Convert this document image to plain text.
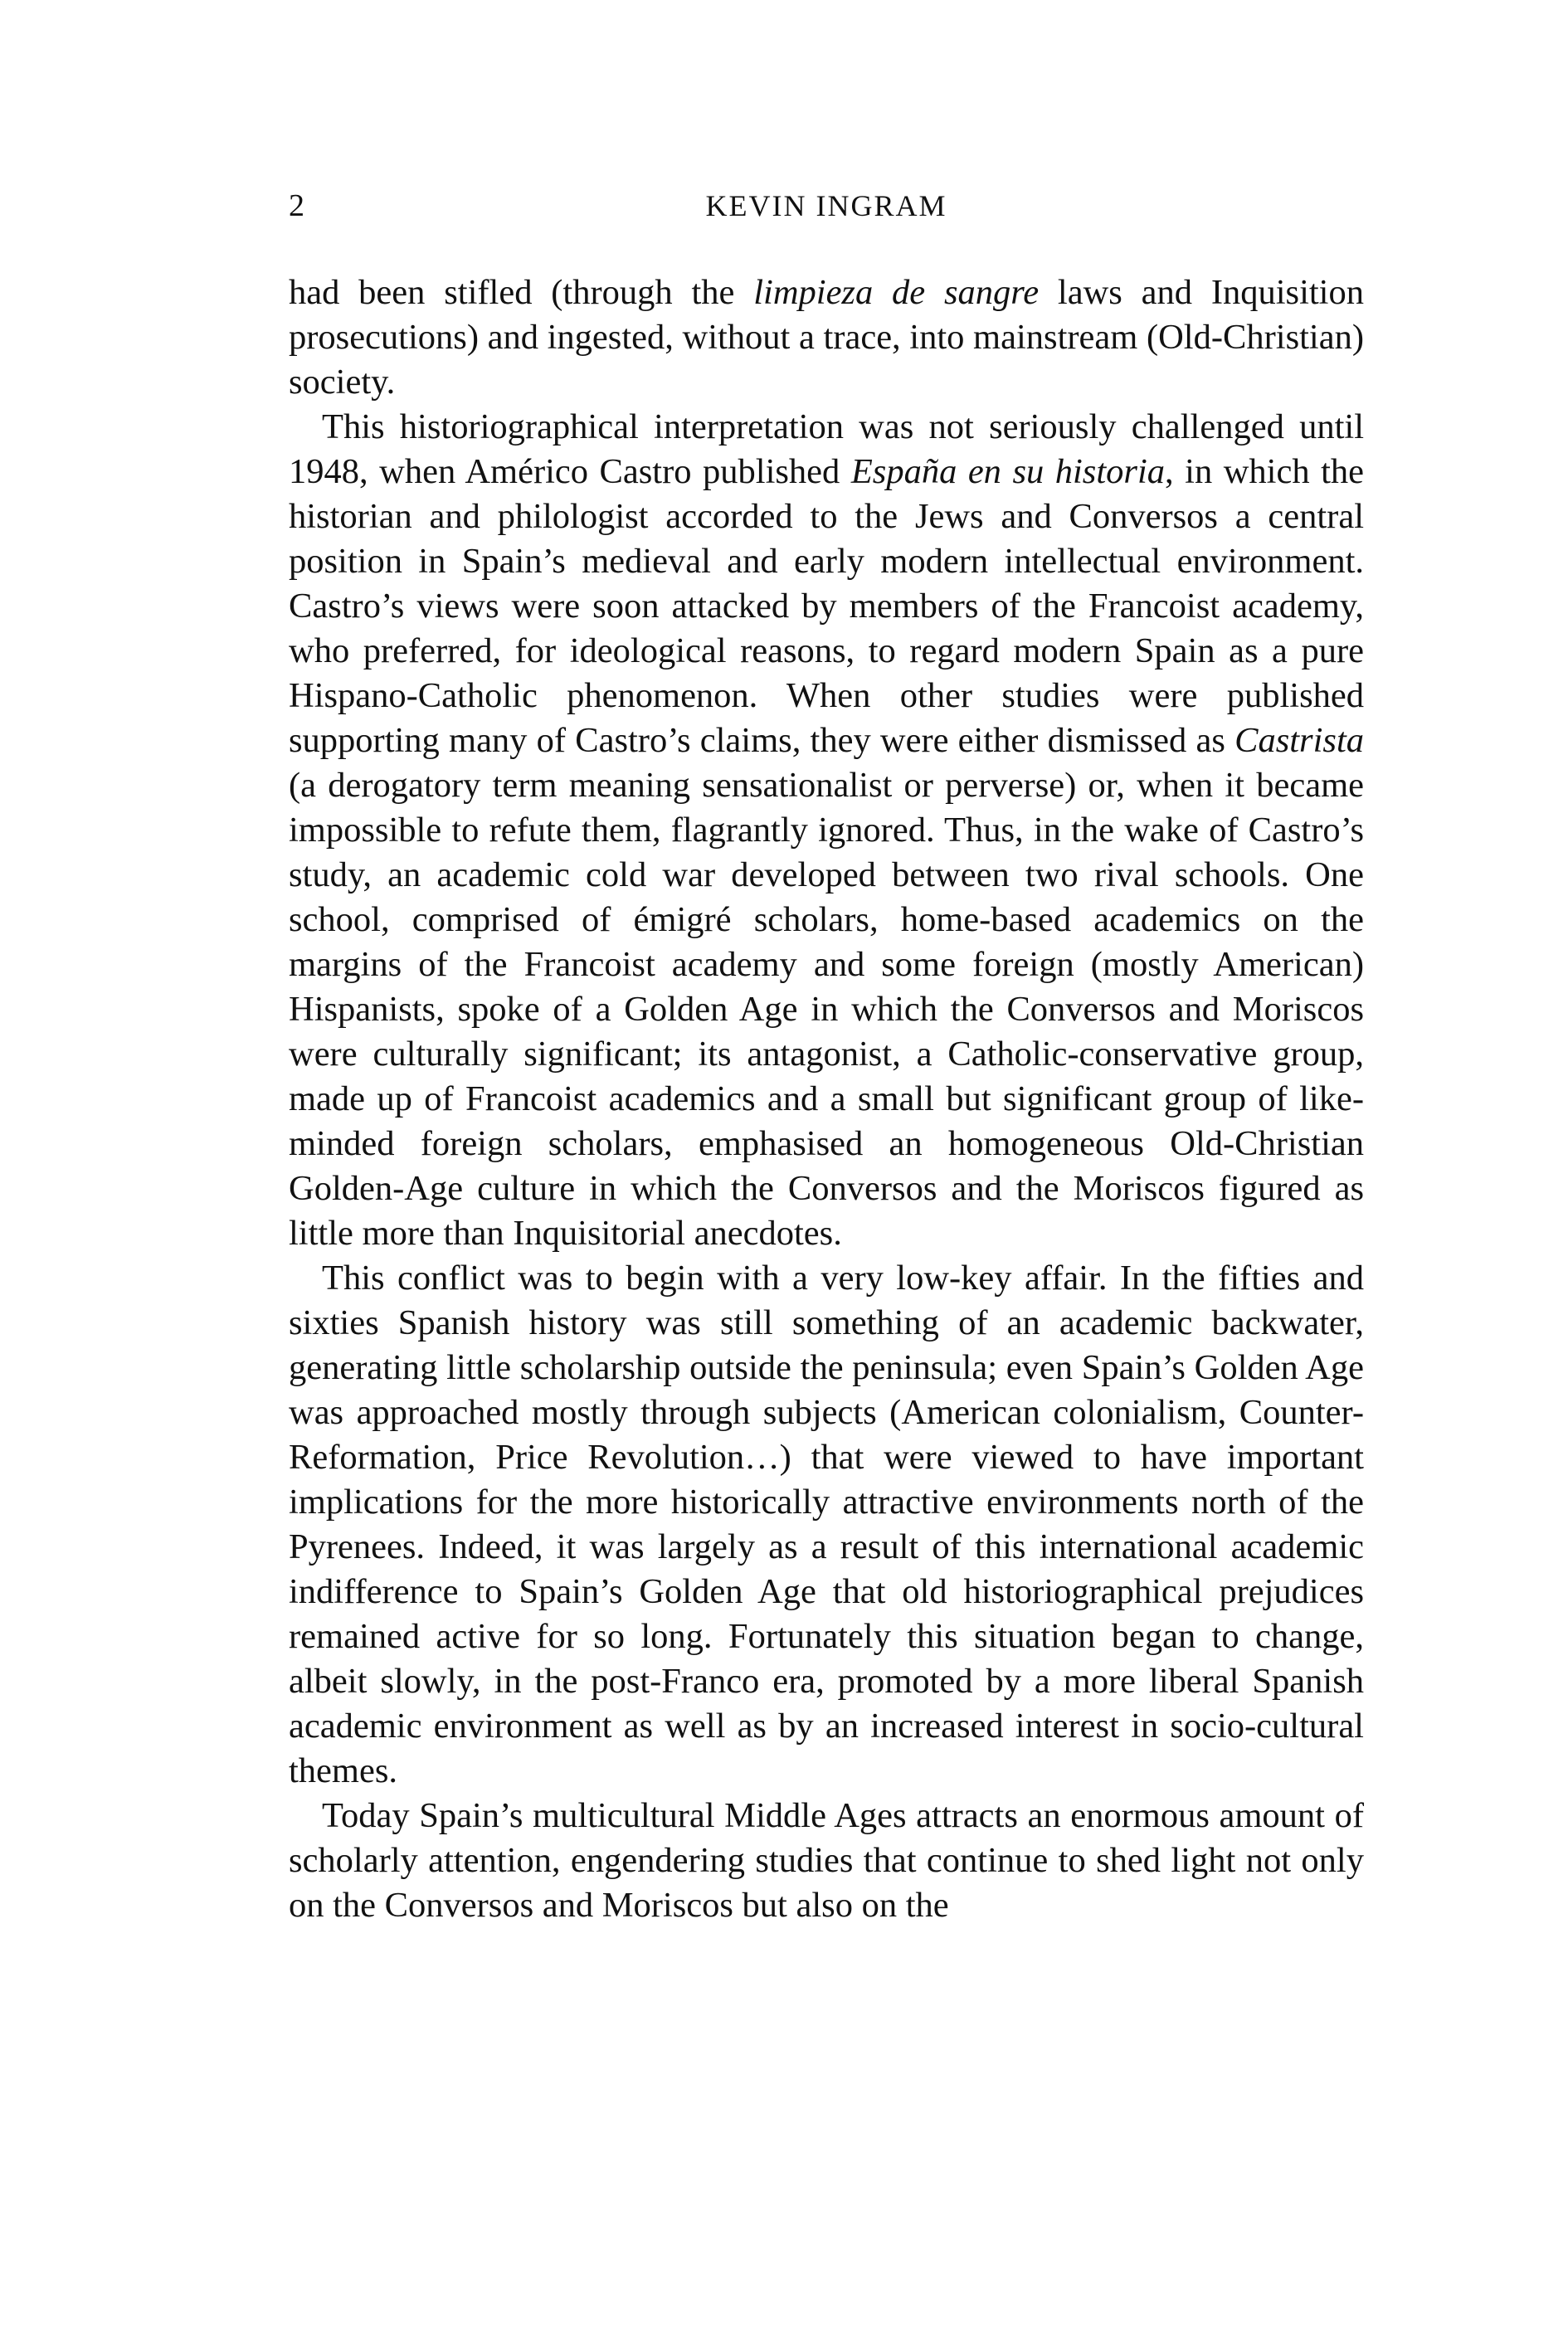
2	KEVIN INGRAM

had been stifled (through the limpieza de sangre laws and Inquisition prosecutions) and ingested, without a trace, into mainstream (Old-Christian) society.

This historiographical interpretation was not seriously challenged until 1948, when Américo Castro published España en su historia, in which the historian and philologist accorded to the Jews and Conversos a central position in Spain’s medieval and early modern intellectual environment. Castro’s views were soon attacked by members of the Francoist academy, who preferred, for ideological reasons, to regard modern Spain as a pure Hispano-Catholic phenomenon. When other studies were published supporting many of Castro’s claims, they were either dismissed as Castrista (a derogatory term meaning sensationalist or perverse) or, when it became impossible to refute them, flagrantly ignored. Thus, in the wake of Castro’s study, an academic cold war developed between two rival schools. One school, comprised of émigré scholars, home-based academics on the margins of the Francoist academy and some foreign (mostly American) Hispanists, spoke of a Golden Age in which the Conversos and Moriscos were culturally significant; its antagonist, a Catholic-conservative group, made up of Francoist academics and a small but significant group of like-minded foreign scholars, emphasised an homogeneous Old-Christian Golden-Age culture in which the Conversos and the Moriscos figured as little more than Inquisitorial anecdotes.

This conflict was to begin with a very low-key affair. In the fifties and sixties Spanish history was still something of an academic backwater, generating little scholarship outside the peninsula; even Spain’s Golden Age was approached mostly through subjects (American colonialism, Counter-Reformation, Price Revolution…) that were viewed to have important implications for the more historically attractive environments north of the Pyrenees. Indeed, it was largely as a result of this international academic indifference to Spain’s Golden Age that old historiographical prejudices remained active for so long. Fortunately this situation began to change, albeit slowly, in the post-Franco era, promoted by a more liberal Spanish academic environment as well as by an increased interest in socio-cultural themes.

Today Spain’s multicultural Middle Ages attracts an enormous amount of scholarly attention, engendering studies that continue to shed light not only on the Conversos and Moriscos but also on the
